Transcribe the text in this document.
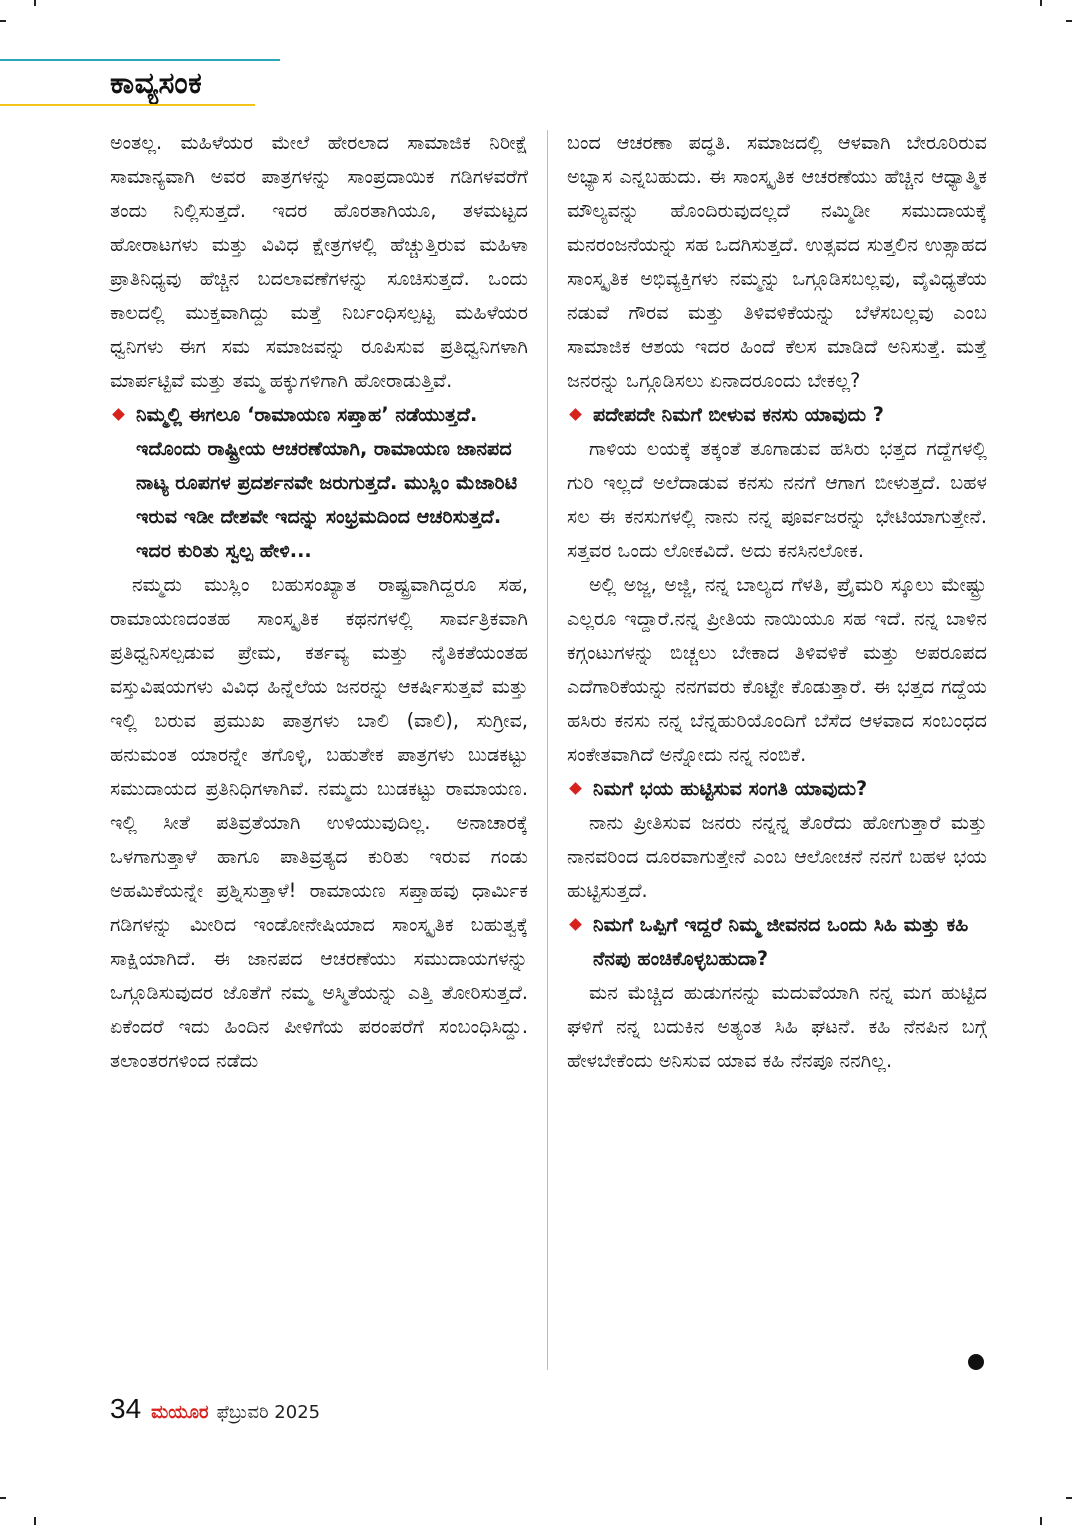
ಕಾವ್ಯಸಂಕ

ಅಂತಲ್ಲ. ಮಹಿಳೆಯರ ಮೇಲೆ ಹೇರಲಾದ ಸಾಮಾಜಿಕ ನಿರೀಕ್ಷೆ ಸಾಮಾನ್ಯವಾಗಿ ಅವರ ಪಾತ್ರಗಳನ್ನು ಸಾಂಪ್ರದಾಯಿಕ ಗಡಿಗಳವರೆಗೆ ತಂದು ನಿಲ್ಲಿಸುತ್ತದೆ. ಇದರ ಹೊರತಾಗಿಯೂ, ತಳಮಟ್ಟದ ಹೋರಾಟಗಳು ಮತ್ತು ವಿವಿಧ ಕ್ಷೇತ್ರಗಳಲ್ಲಿ ಹೆಚ್ಚುತ್ತಿರುವ ಮಹಿಳಾ ಪ್ರಾತಿನಿಧ್ಯವು ಹೆಚ್ಚಿನ ಬದಲಾವಣೆಗಳನ್ನು ಸೂಚಿಸುತ್ತದೆ. ಒಂದು ಕಾಲದಲ್ಲಿ ಮುಕ್ತವಾಗಿದ್ದು ಮತ್ತೆ ನಿರ್ಬಂಧಿಸಲ್ಪಟ್ಟ ಮಹಿಳೆಯರ ಧ್ವನಿಗಳು ಈಗ ಸಮ ಸಮಾಜವನ್ನು ರೂಪಿಸುವ ಪ್ರತಿಧ್ವನಿಗಳಾಗಿ ಮಾರ್ಪಟ್ಟಿವೆ ಮತ್ತು ತಮ್ಮ ಹಕ್ಕುಗಳಿಗಾಗಿ ಹೋರಾಡುತ್ತಿವೆ.

ನಿಮ್ಮಲ್ಲಿ ಈಗಲೂ ‘ರಾಮಾಯಣ ಸಪ್ತಾಹ’ ನಡೆಯುತ್ತದೆ. ಇದೊಂದು ರಾಷ್ಟ್ರೀಯ ಆಚರಣೆಯಾಗಿ, ರಾಮಾಯಣ ಜಾನಪದ ನಾಟ್ಯ ರೂಪಗಳ ಪ್ರದರ್ಶನವೇ ಜರುಗುತ್ತದೆ. ಮುಸ್ಲಿಂ ಮೆಜಾರಿಟಿ ಇರುವ ಇಡೀ ದೇಶವೇ ಇದನ್ನು ಸಂಭ್ರಮದಿಂದ ಆಚರಿಸುತ್ತದೆ. ಇದರ ಕುರಿತು ಸ್ವಲ್ಪ ಹೇಳಿ...

ನಮ್ಮದು ಮುಸ್ಲಿಂ ಬಹುಸಂಖ್ಯಾತ ರಾಷ್ಟ್ರವಾಗಿದ್ದರೂ ಸಹ, ರಾಮಾಯಣದಂತಹ ಸಾಂಸ್ಕೃತಿಕ ಕಥನಗಳಲ್ಲಿ ಸಾರ್ವತ್ರಿಕವಾಗಿ ಪ್ರತಿಧ್ವನಿಸಲ್ಪಡುವ ಪ್ರೇಮ, ಕರ್ತವ್ಯ ಮತ್ತು ನೈತಿಕತೆಯಂತಹ ವಸ್ತುವಿಷಯಗಳು ವಿವಿಧ ಹಿನ್ನೆಲೆಯ ಜನರನ್ನು ಆಕರ್ಷಿಸುತ್ತವೆ ಮತ್ತು ಇಲ್ಲಿ ಬರುವ ಪ್ರಮುಖ ಪಾತ್ರಗಳು ಬಾಲಿ (ವಾಲಿ), ಸುಗ್ರೀವ, ಹನುಮಂತ ಯಾರನ್ನೇ ತಗೊಳ್ಳಿ, ಬಹುತೇಕ ಪಾತ್ರಗಳು ಬುಡಕಟ್ಟು ಸಮುದಾಯದ ಪ್ರತಿನಿಧಿಗಳಾಗಿವೆ. ನಮ್ಮದು ಬುಡಕಟ್ಟು ರಾಮಾಯಣ. ಇಲ್ಲಿ ಸೀತೆ ಪತಿವ್ರತೆಯಾಗಿ ಉಳಿಯುವುದಿಲ್ಲ. ಅನಾಚಾರಕ್ಕೆ ಒಳಗಾಗುತ್ತಾಳೆ ಹಾಗೂ ಪಾತಿವ್ರತ್ಯದ ಕುರಿತು ಇರುವ ಗಂಡು ಅಹಮಿಕೆಯನ್ನೇ ಪ್ರಶ್ನಿಸುತ್ತಾಳೆ! ರಾಮಾಯಣ ಸಪ್ತಾಹವು ಧಾರ್ಮಿಕ ಗಡಿಗಳನ್ನು ಮೀರಿದ ಇಂಡೋನೇಷಿಯಾದ ಸಾಂಸ್ಕೃತಿಕ ಬಹುತ್ವಕ್ಕೆ ಸಾಕ್ಷಿಯಾಗಿದೆ. ಈ ಜಾನಪದ ಆಚರಣೆಯು ಸಮುದಾಯಗಳನ್ನು ಒಗ್ಗೂಡಿಸುವುದರ ಜೊತೆಗೆ ನಮ್ಮ ಅಸ್ಮಿತೆಯನ್ನು ಎತ್ತಿ ತೋರಿಸುತ್ತದೆ. ಏಕೆಂದರೆ ಇದು ಹಿಂದಿನ ಪೀಳಿಗೆಯ ಪರಂಪರೆಗೆ ಸಂಬಂಧಿಸಿದ್ದು. ತಲಾಂತರಗಳಿಂದ ನಡೆದು

ಬಂದ ಆಚರಣಾ ಪದ್ಧತಿ. ಸಮಾಜದಲ್ಲಿ ಆಳವಾಗಿ ಬೇರೂರಿರುವ ಅಭ್ಯಾಸ ಎನ್ನಬಹುದು. ಈ ಸಾಂಸ್ಕೃತಿಕ ಆಚರಣೆಯು ಹೆಚ್ಚಿನ ಆಧ್ಯಾತ್ಮಿಕ ಮೌಲ್ಯವನ್ನು ಹೊಂದಿರುವುದಲ್ಲದೆ ನಮ್ಮಿಡೀ ಸಮುದಾಯಕ್ಕೆ ಮನರಂಜನೆಯನ್ನು ಸಹ ಒದಗಿಸುತ್ತದೆ. ಉತ್ಸವದ ಸುತ್ತಲಿನ ಉತ್ಸಾಹದ ಸಾಂಸ್ಕೃತಿಕ ಅಭಿವ್ಯಕ್ತಿಗಳು ನಮ್ಮನ್ನು ಒಗ್ಗೂಡಿಸಬಲ್ಲವು, ವೈವಿಧ್ಯತೆಯ ನಡುವೆ ಗೌರವ ಮತ್ತು ತಿಳಿವಳಿಕೆಯನ್ನು ಬೆಳೆಸಬಲ್ಲವು ಎಂಬ ಸಾಮಾಜಿಕ ಆಶಯ ಇದರ ಹಿಂದೆ ಕೆಲಸ ಮಾಡಿದೆ ಅನಿಸುತ್ತೆ. ಮತ್ತೆ ಜನರನ್ನು ಒಗ್ಗೂಡಿಸಲು ಏನಾದರೂಂದು ಬೇಕಲ್ಲ?

ಪದೇಪದೇ ನಿಮಗೆ ಬೀಳುವ ಕನಸು ಯಾವುದು ?

ಗಾಳಿಯ ಲಯಕ್ಕೆ ತಕ್ಕಂತೆ ತೂಗಾಡುವ ಹಸಿರು ಭತ್ತದ ಗದ್ದೆಗಳಲ್ಲಿ ಗುರಿ ಇಲ್ಲದೆ ಅಲೆದಾಡುವ ಕನಸು ನನಗೆ ಆಗಾಗ ಬೀಳುತ್ತದೆ. ಬಹಳ ಸಲ ಈ ಕನಸುಗಳಲ್ಲಿ ನಾನು ನನ್ನ ಪೂರ್ವಜರನ್ನು ಭೇಟಿಯಾಗುತ್ತೇನೆ. ಸತ್ತವರ ಒಂದು ಲೋಕವಿದೆ. ಅದು ಕನಸಿನಲೋಕ.

ಅಲ್ಲಿ ಅಜ್ಜ, ಅಜ್ಜಿ, ನನ್ನ ಬಾಲ್ಯದ ಗೆಳತಿ, ಪ್ರೈಮರಿ ಸ್ಕೂಲು ಮೇಷ್ಟ್ರು ಎಲ್ಲರೂ ಇದ್ದಾರೆ.ನನ್ನ ಪ್ರೀತಿಯ ನಾಯಿಯೂ ಸಹ ಇದೆ. ನನ್ನ ಬಾಳಿನ ಕಗ್ಗಂಟುಗಳನ್ನು ಬಿಚ್ಚಲು ಬೇಕಾದ ತಿಳಿವಳಿಕೆ ಮತ್ತು ಅಪರೂಪದ ಎದೆಗಾರಿಕೆಯನ್ನು ನನಗವರು ಕೊಟ್ಟೇ ಕೊಡುತ್ತಾರೆ. ಈ ಭತ್ತದ ಗದ್ದೆಯ ಹಸಿರು ಕನಸು ನನ್ನ ಬೆನ್ನಹುರಿಯೊಂದಿಗೆ ಬೆಸೆದ ಆಳವಾದ ಸಂಬಂಧದ ಸಂಕೇತವಾಗಿದೆ ಅನ್ನೋದು ನನ್ನ ನಂಬಿಕೆ.

ನಿಮಗೆ ಭಯ ಹುಟ್ಟಿಸುವ ಸಂಗತಿ ಯಾವುದು?

ನಾನು ಪ್ರೀತಿಸುವ ಜನರು ನನ್ನನ್ನ ತೊರೆದು ಹೋಗುತ್ತಾರೆ ಮತ್ತು ನಾನವರಿಂದ ದೂರವಾಗುತ್ತೇನೆ ಎಂಬ ಆಲೋಚನೆ ನನಗೆ ಬಹಳ ಭಯ ಹುಟ್ಟಿಸುತ್ತದೆ.

ನಿಮಗೆ ಒಪ್ಪಿಗೆ ಇದ್ದರೆ ನಿಮ್ಮ ಜೀವನದ ಒಂದು ಸಿಹಿ ಮತ್ತು ಕಹಿ ನೆನಪು ಹಂಚಿಕೊಳ್ಳಬಹುದಾ?

ಮನ ಮೆಚ್ಚಿದ ಹುಡುಗನನ್ನು ಮದುವೆಯಾಗಿ ನನ್ನ ಮಗ ಹುಟ್ಟಿದ ಘಳಿಗೆ ನನ್ನ ಬದುಕಿನ ಅತ್ಯಂತ ಸಿಹಿ ಘಟನೆ. ಕಹಿ ನೆನಪಿನ ಬಗ್ಗೆ ಹೇಳಬೇಕೆಂದು ಅನಿಸುವ ಯಾವ ಕಹಿ ನೆನಪೂ ನನಗಿಲ್ಲ.

34 ಮಯೂರ ಫೆಬ್ರುವರಿ 2025
